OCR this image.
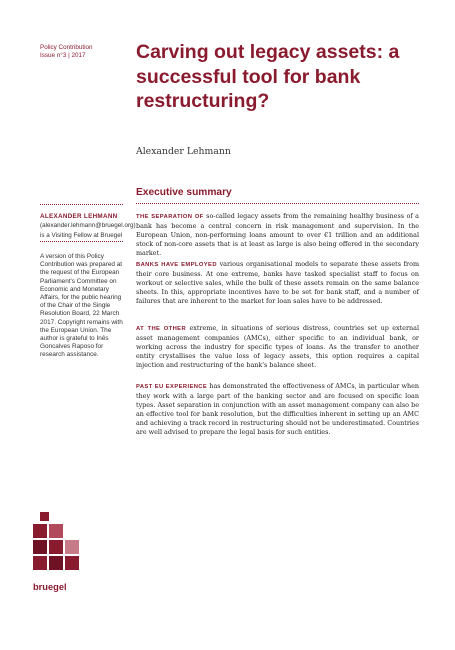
Policy Contribution
Issue n°3 | 2017	Carving out legacy assets: a successful tool for bank restructuring?
Alexander Lehmann
Executive summary
ALEXANDER LEHMANN
(alexander.lehmann@bruegel.org) is a Visiting Fellow at Bruegel
A version of this Policy Contribution was prepared at the request of the European Parliament's Committee on Economic and Monetary Affairs, for the public hearing of the Chair of the Single Resolution Board, 22 March 2017. Copyright remains with the European Union. The author is grateful to Inês Goncalves Raposo for research assistance.
THE SEPARATION OF so-called legacy assets from the remaining healthy business of a bank has become a central concern in risk management and supervision. In the European Union, non-performing loans amount to over €1 trillion and an additional stock of non-core assets that is at least as large is also being offered in the secondary market.
BANKS HAVE EMPLOYED various organisational models to separate these assets from their core business. At one extreme, banks have tasked specialist staff to focus on workout or selective sales, while the bulk of these assets remain on the same balance sheets. In this, appropriate incentives have to be set for bank staff, and a number of failures that are inherent to the market for loan sales have to be addressed.
AT THE OTHER extreme, in situations of serious distress, countries set up external asset management companies (AMCs), either specific to an individual bank, or working across the industry for specific types of loans. As the transfer to another entity crystallises the value loss of legacy assets, this option requires a capital injection and restructuring of the bank's balance sheet.
PAST EU EXPERIENCE has demonstrated the effectiveness of AMCs, in particular when they work with a large part of the banking sector and are focused on specific loan types. Asset separation in conjunction with an asset management company can also be an effective tool for bank resolution, but the difficulties inherent in setting up an AMC and achieving a track record in restructuring should not be underestimated. Countries are well advised to prepare the legal basis for such entities.
bruegel
